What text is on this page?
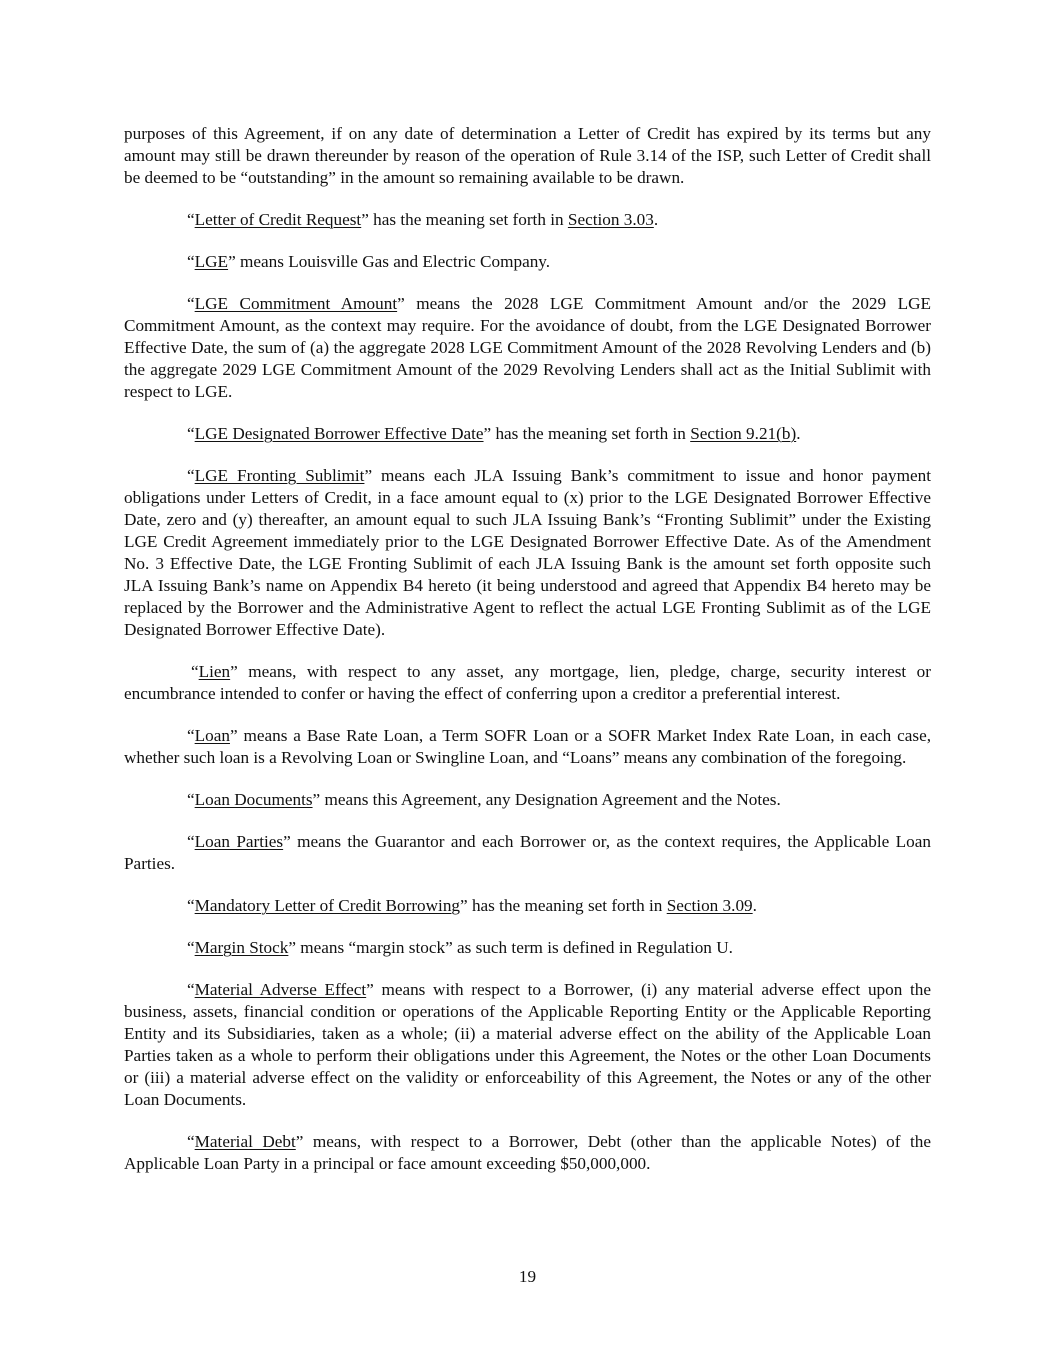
purposes of this Agreement, if on any date of determination a Letter of Credit has expired by its terms but any amount may still be drawn thereunder by reason of the operation of Rule 3.14 of the ISP, such Letter of Credit shall be deemed to be “outstanding” in the amount so remaining available to be drawn.

“Letter of Credit Request” has the meaning set forth in Section 3.03.

“LGE” means Louisville Gas and Electric Company.

“LGE Commitment Amount” means the 2028 LGE Commitment Amount and/or the 2029 LGE Commitment Amount, as the context may require. For the avoidance of doubt, from the LGE Designated Borrower Effective Date, the sum of (a) the aggregate 2028 LGE Commitment Amount of the 2028 Revolving Lenders and (b) the aggregate 2029 LGE Commitment Amount of the 2029 Revolving Lenders shall act as the Initial Sublimit with respect to LGE.

“LGE Designated Borrower Effective Date” has the meaning set forth in Section 9.21(b).

“LGE Fronting Sublimit” means each JLA Issuing Bank’s commitment to issue and honor payment obligations under Letters of Credit, in a face amount equal to (x) prior to the LGE Designated Borrower Effective Date, zero and (y) thereafter, an amount equal to such JLA Issuing Bank’s “Fronting Sublimit” under the Existing LGE Credit Agreement immediately prior to the LGE Designated Borrower Effective Date. As of the Amendment No. 3 Effective Date, the LGE Fronting Sublimit of each JLA Issuing Bank is the amount set forth opposite such JLA Issuing Bank’s name on Appendix B4 hereto (it being understood and agreed that Appendix B4 hereto may be replaced by the Borrower and the Administrative Agent to reflect the actual LGE Fronting Sublimit as of the LGE Designated Borrower Effective Date).

“Lien” means, with respect to any asset, any mortgage, lien, pledge, charge, security interest or encumbrance intended to confer or having the effect of conferring upon a creditor a preferential interest.

“Loan” means a Base Rate Loan, a Term SOFR Loan or a SOFR Market Index Rate Loan, in each case, whether such loan is a Revolving Loan or Swingline Loan, and “Loans” means any combination of the foregoing.

“Loan Documents” means this Agreement, any Designation Agreement and the Notes.

“Loan Parties” means the Guarantor and each Borrower or, as the context requires, the Applicable Loan Parties.

“Mandatory Letter of Credit Borrowing” has the meaning set forth in Section 3.09.

“Margin Stock” means “margin stock” as such term is defined in Regulation U.

“Material Adverse Effect” means with respect to a Borrower, (i) any material adverse effect upon the business, assets, financial condition or operations of the Applicable Reporting Entity or the Applicable Reporting Entity and its Subsidiaries, taken as a whole; (ii) a material adverse effect on the ability of the Applicable Loan Parties taken as a whole to perform their obligations under this Agreement, the Notes or the other Loan Documents or (iii) a material adverse effect on the validity or enforceability of this Agreement, the Notes or any of the other Loan Documents.

“Material Debt” means, with respect to a Borrower, Debt (other than the applicable Notes) of the Applicable Loan Party in a principal or face amount exceeding $50,000,000.

19
